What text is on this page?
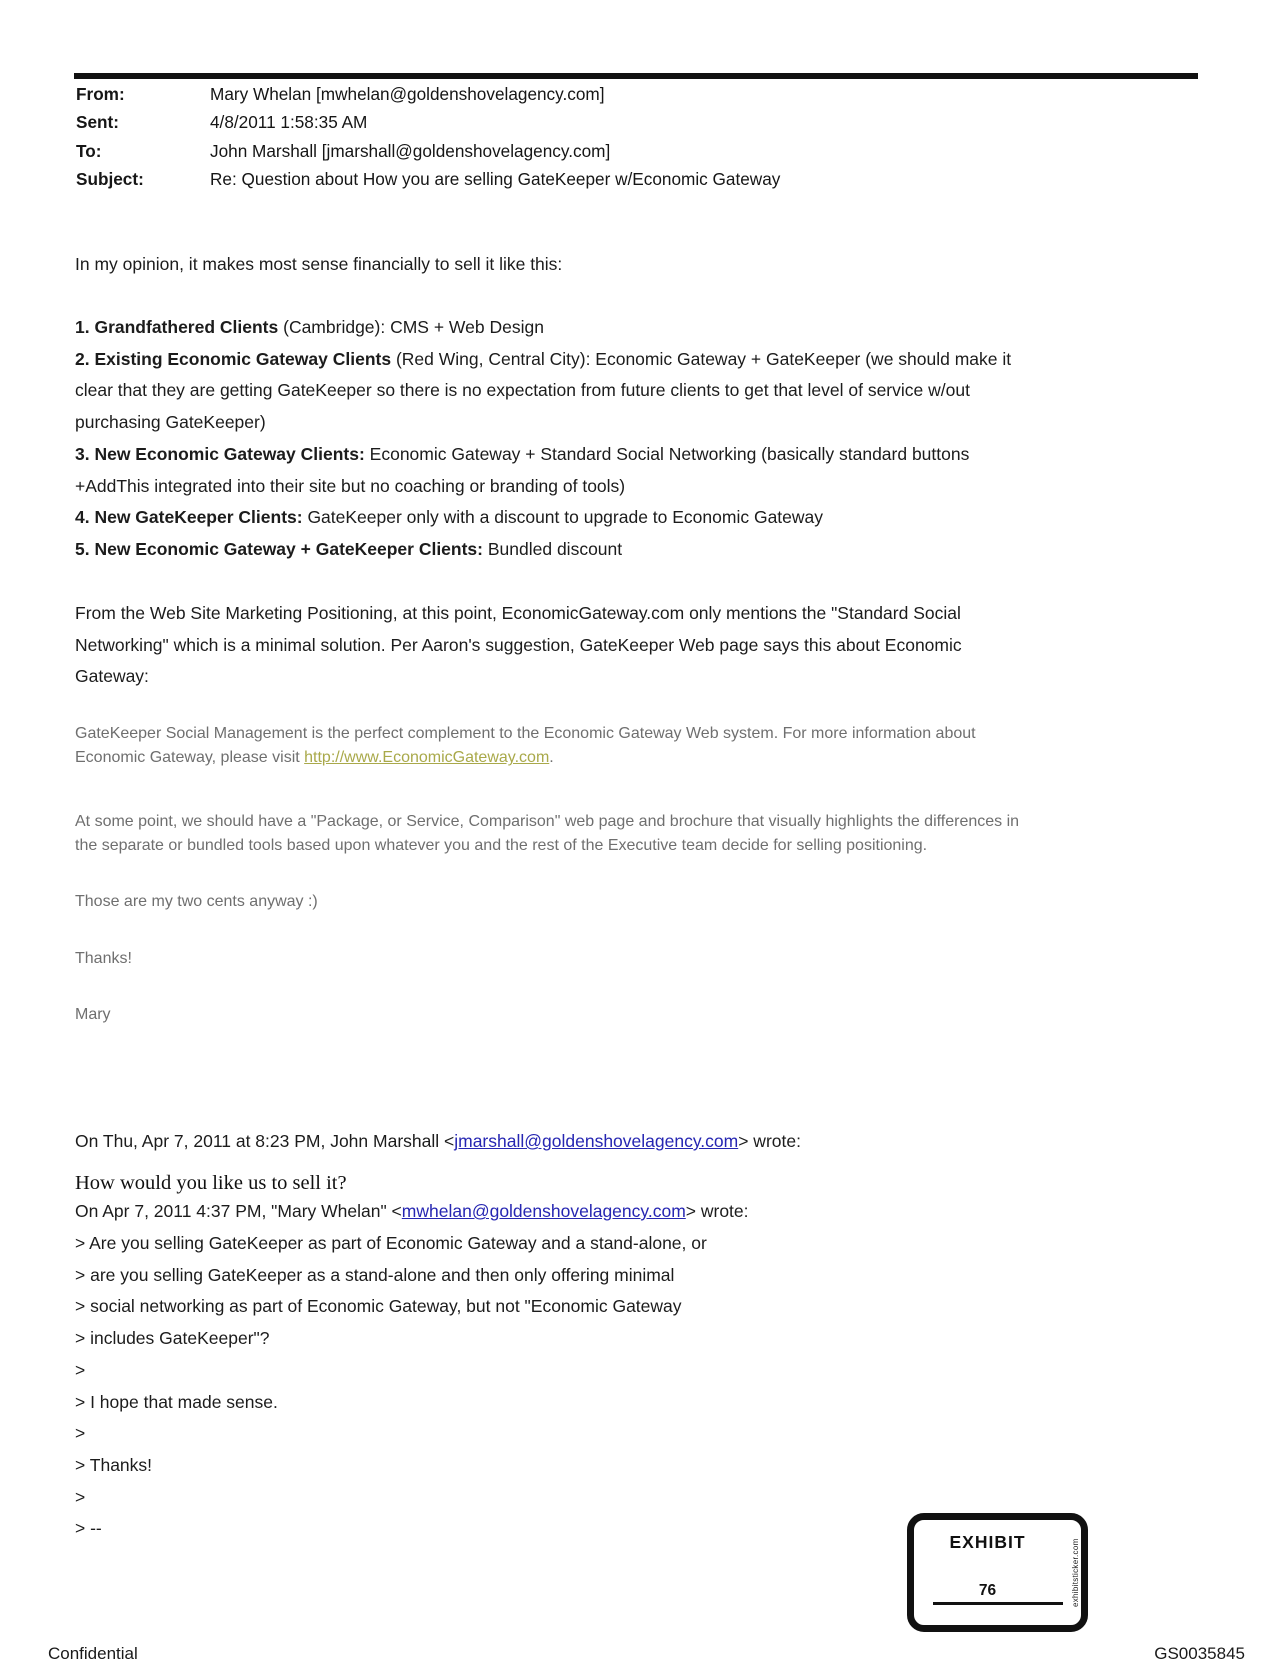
From:	Mary Whelan [mwhelan@goldenshovelagency.com]
Sent:	4/8/2011 1:58:35 AM
To:	John Marshall [jmarshall@goldenshovelagency.com]
Subject:	Re: Question about How you are selling GateKeeper w/Economic Gateway
In my opinion, it makes most sense financially to sell it like this:

1. Grandfathered Clients (Cambridge): CMS + Web Design

2. Existing Economic Gateway Clients (Red Wing, Central City): Economic Gateway + GateKeeper (we should make it
clear that they are getting GateKeeper so there is no expectation from future clients to get that level of service w/out
purchasing GateKeeper)

3. New Economic Gateway Clients: Economic Gateway + Standard Social Networking (basically standard buttons
+AddThis integrated into their site but no coaching or branding of tools)

4. New GateKeeper Clients: GateKeeper only with a discount to upgrade to Economic Gateway

5. New Economic Gateway + GateKeeper Clients: Bundled discount

From the Web Site Marketing Positioning, at this point, EconomicGateway.com only mentions the "Standard Social
Networking" which is a minimal solution. Per Aaron's suggestion, GateKeeper Web page says this about Economic
Gateway:
GateKeeper Social Management is the perfect complement to the Economic Gateway Web system. For more information about
Economic Gateway, please visit http://www.EconomicGateway.com.
At some point, we should have a "Package, or Service, Comparison" web page and brochure that visually highlights the differences in
the separate or bundled tools based upon whatever you and the rest of the Executive team decide for selling positioning.
Those are my two cents anyway :)
Thanks!
Mary
On Thu, Apr 7, 2011 at 8:23 PM, John Marshall <jmarshall@goldenshovelagency.com> wrote:
How would you like us to sell it?
On Apr 7, 2011 4:37 PM, "Mary Whelan" <mwhelan@goldenshovelagency.com> wrote:
> Are you selling GateKeeper as part of Economic Gateway and a stand-alone, or
> are you selling GateKeeper as a stand-alone and then only offering minimal
> social networking as part of Economic Gateway, but not "Economic Gateway
> includes GateKeeper"?
>
> I hope that made sense.
>
> Thanks!
>
> --
EXHIBIT
76	exhibitsticker.com
Confidential	GS0035845
